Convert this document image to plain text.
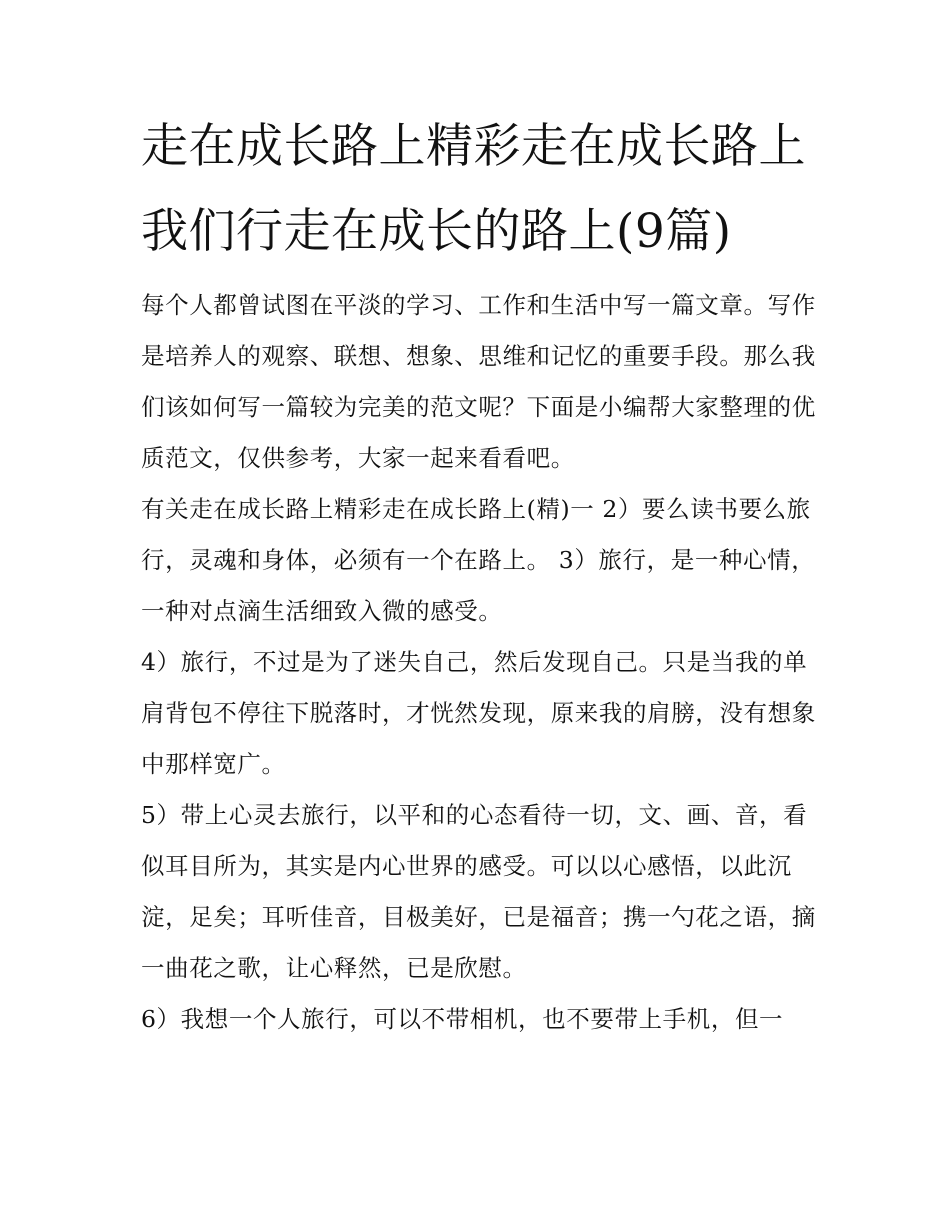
走在成长路上精彩走在成长路上 我们行走在成长的路上(9篇)

每个人都曾试图在平淡的学习、工作和生活中写一篇文章。写作是培养人的观察、联想、想象、思维和记忆的重要手段。那么我们该如何写一篇较为完美的范文呢？下面是小编帮大家整理的优质范文，仅供参考，大家一起来看看吧。

有关走在成长路上精彩走在成长路上(精)一 2）要么读书要么旅行，灵魂和身体，必须有一个在路上。 3）旅行，是一种心情，一种对点滴生活细致入微的感受。

4）旅行，不过是为了迷失自己，然后发现自己。只是当我的单肩背包不停往下脱落时，才恍然发现，原来我的肩膀，没有想象中那样宽广。

5）带上心灵去旅行，以平和的心态看待一切，文、画、音，看似耳目所为，其实是内心世界的感受。可以以心感悟，以此沉淀，足矣；耳听佳音，目极美好，已是福音；携一勺花之语，摘一曲花之歌，让心释然，已是欣慰。

6）我想一个人旅行，可以不带相机，也不要带上手机，但一
